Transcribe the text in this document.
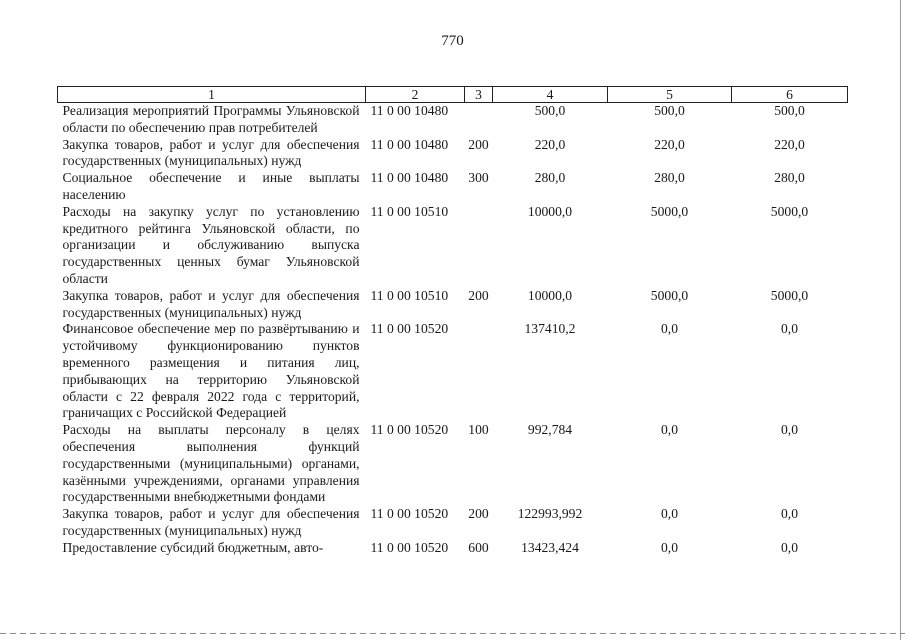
770
1	2	3	4	5	6
Реализация мероприятий Программы Ульяновской области по обеспечению прав потребителей	11 0 00 10480		500,0	500,0	500,0
Закупка товаров, работ и услуг для обеспечения государственных (муниципальных) нужд	11 0 00 10480	200	220,0	220,0	220,0
Социальное обеспечение и иные выплаты населению	11 0 00 10480	300	280,0	280,0	280,0
Расходы на закупку услуг по установлению кредитного рейтинга Ульяновской области, по организации и обслуживанию выпуска государственных ценных бумаг Ульяновской области	11 0 00 10510		10000,0	5000,0	5000,0
Закупка товаров, работ и услуг для обеспечения государственных (муниципальных) нужд	11 0 00 10510	200	10000,0	5000,0	5000,0
Финансовое обеспечение мер по развёртыванию и устойчивому функционированию пунктов временного размещения и питания лиц, прибывающих на территорию Ульяновской области с 22 февраля 2022 года с территорий, граничащих с Российской Федерацией	11 0 00 10520		137410,2	0,0	0,0
Расходы на выплаты персоналу в целях обеспечения выполнения функций государственными (муниципальными) органами, казёнными учреждениями, органами управления государственными внебюджетными фондами	11 0 00 10520	100	992,784	0,0	0,0
Закупка товаров, работ и услуг для обеспечения государственных (муниципальных) нужд	11 0 00 10520	200	122993,992	0,0	0,0
Предоставление субсидий бюджетным, авто-	11 0 00 10520	600	13423,424	0,0	0,0
